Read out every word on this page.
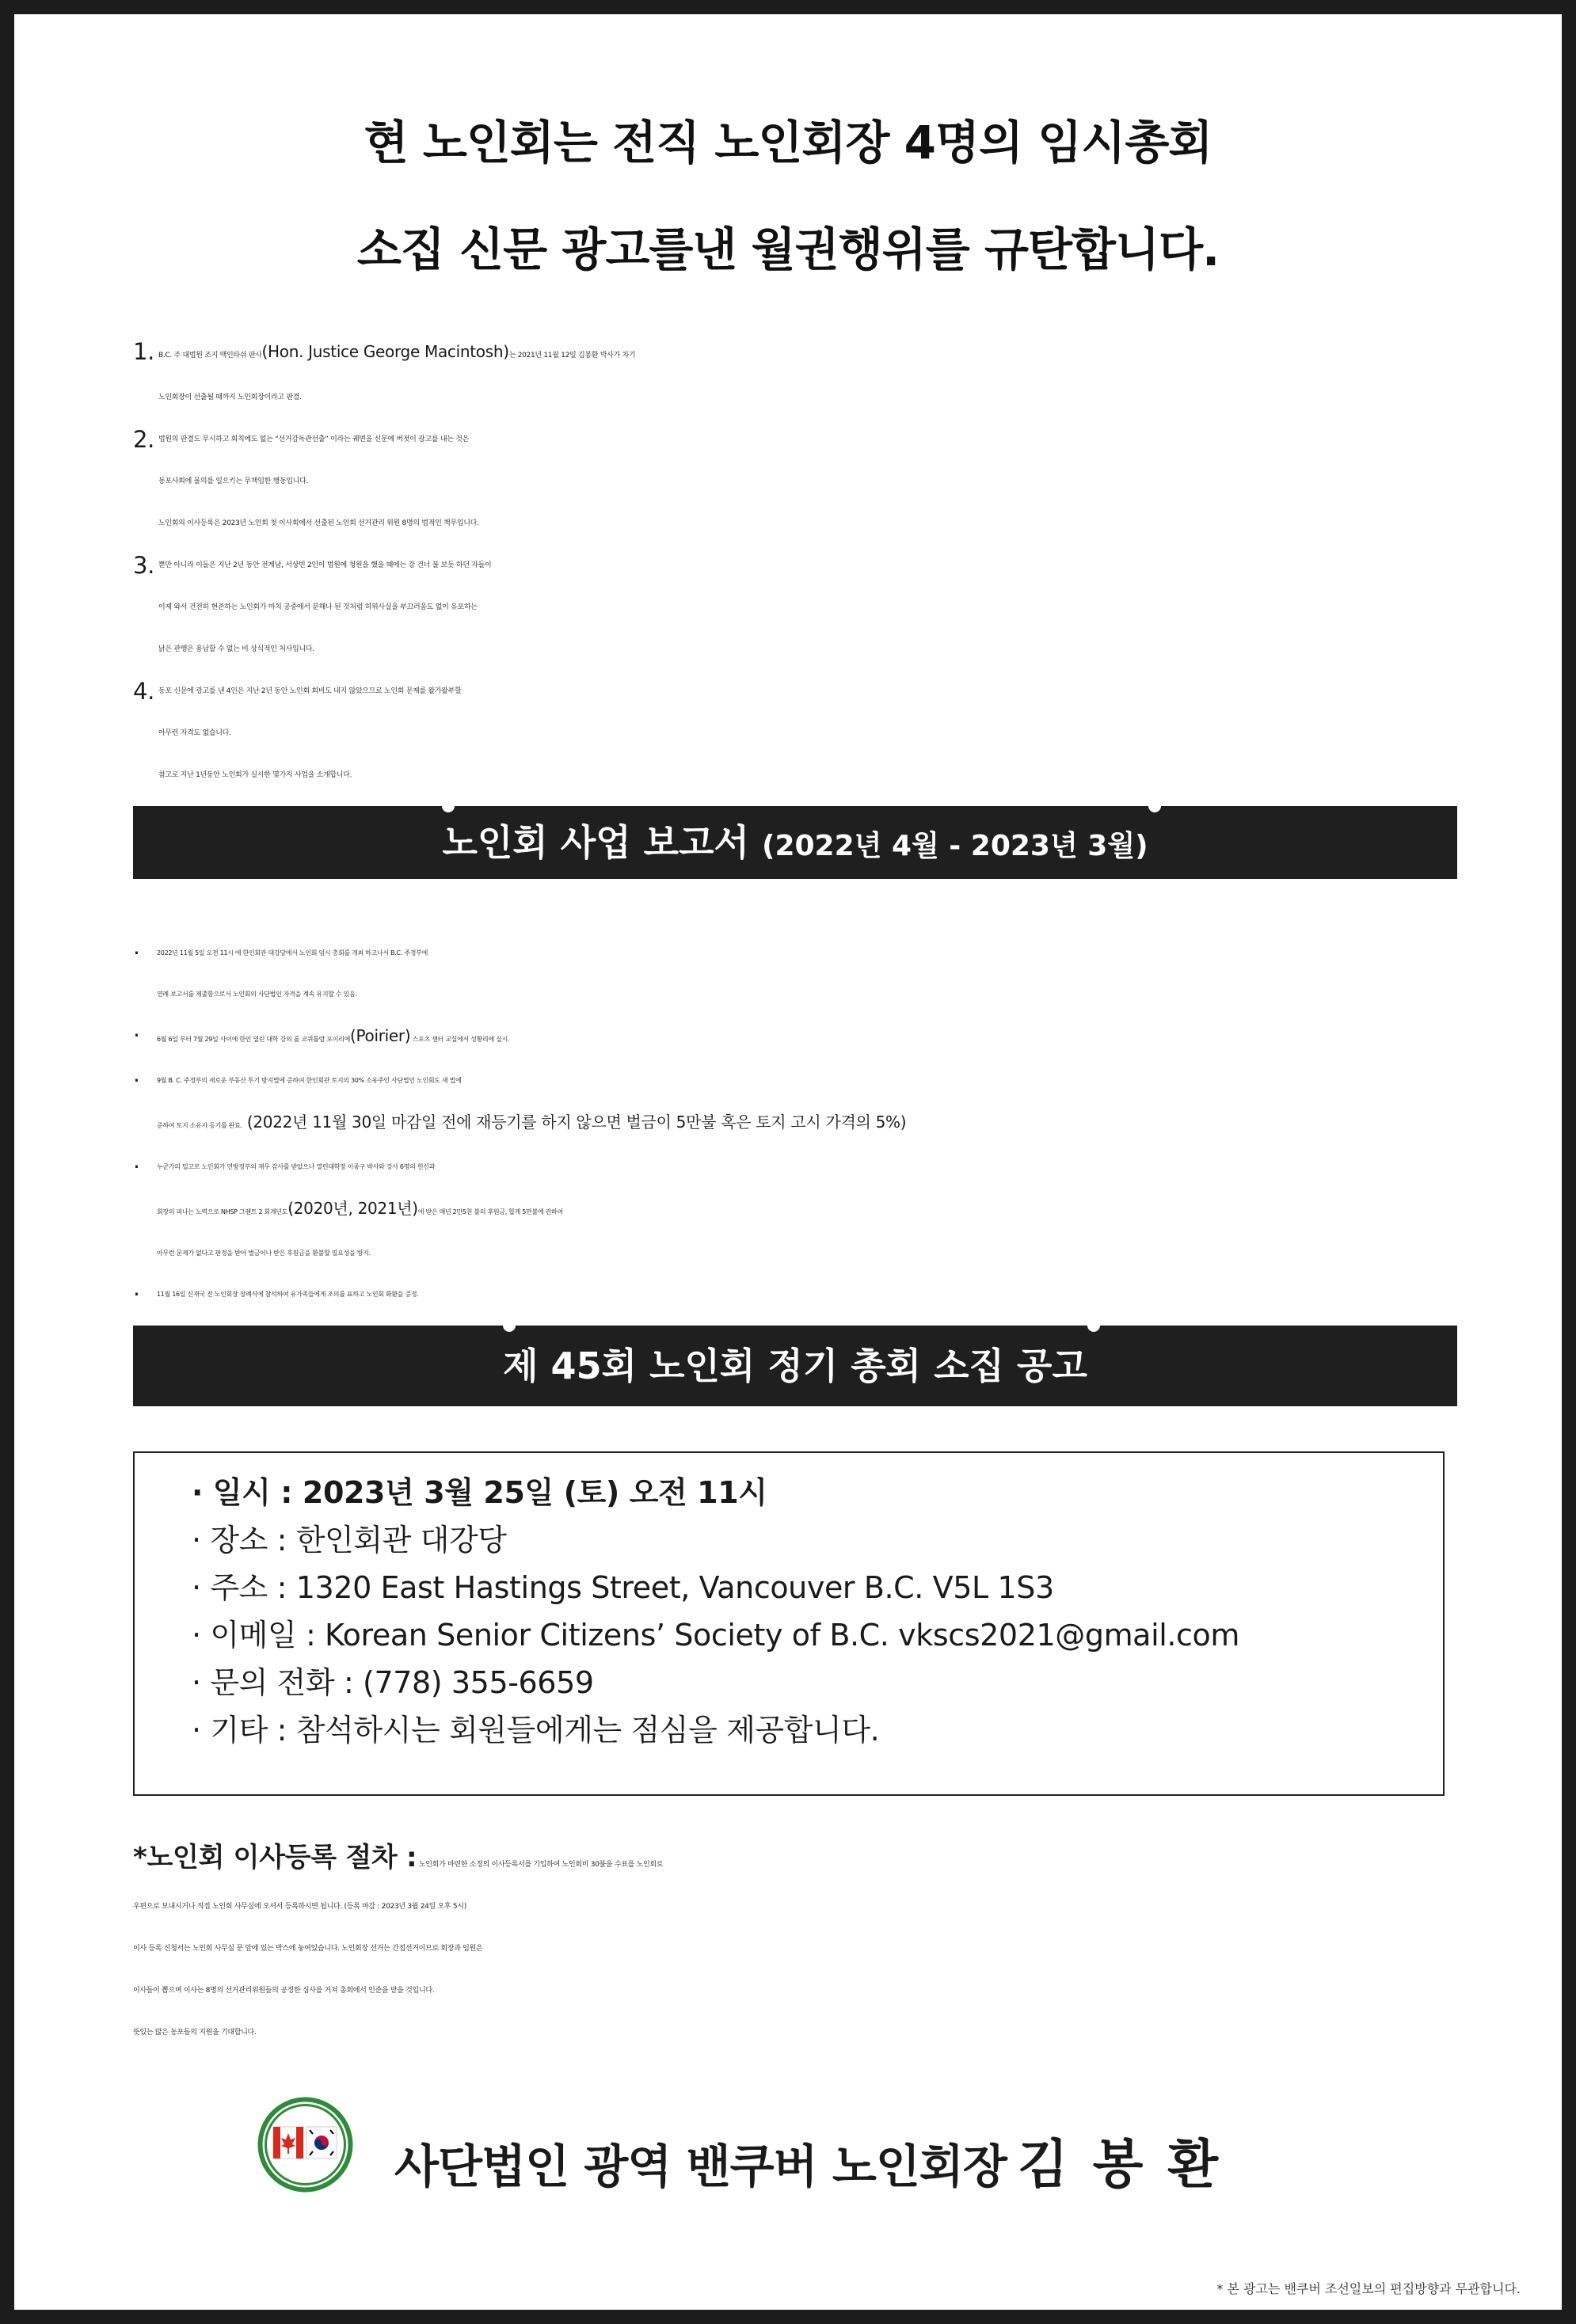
현 노인회는 전직 노인회장 4명의 임시총회
소집 신문 광고를낸 월권행위를 규탄합니다.
1. B.C. 주 대법원 조지 맥인타쉬 판사(Hon. Justice George Macintosh)는 2021년 11월 12일 김봉환 박사가 차기
노인회장이 선출될 때까지 노인회장이라고 판결.
2. 법원의 판결도 무시하고 회칙에도 없는 “선거감독관선출” 이라는 궤변을 신문에 버젓이 광고를 내는 것은
동포사회에 물의를 일으키는 무책임한 행동입니다.
노인회의 이사등록은 2023년 노인회 첫 이사회에서 선출된 노인회 선거관리 위원 8명의 법적인 책무입니다.
3. 뿐만 아니라 이들은 지난 2년 동안 전계남, 서상빈 2인이 법원에 청원을 했을 때에는 강 건너 불 보듯 하던 자들이
이제 와서 건전히 현존하는 노인회가 마치 공중에서 분해나 된 것처럼 허위사실을 부끄러움도 없이 유포하는
낡은 관행은 용납할 수 없는 비 상식적인 처사입니다.
4. 동포 신문에 광고를 낸 4인은 지난 2년 동안 노인회 회비도 내지 않았으므로 노인회 문제를 왈가왈부할
아무런 자격도 없습니다.
참고로 지난 1년동안 노인회가 실시한 몇가지 사업을 소개합니다.
노인회 사업 보고서 (2022년 4월 - 2023년 3월)
·	2022년 11월 5일 오전 11시 에 한인회관 대강당에서 노인회 임시 총회를 개최 하고나서 B.C. 주정부에
연례 보고서를 제출함으로서 노인회의 사단법인 자격을 계속 유지할 수 있음.
·	6월 6일 부터 7월 29일 사이에 한인 열린 대학 강의 를 코퀴틀람 포이리에(Poirier) 스포츠 센터 교실에서 성황리에 실시.
·	9월 B. C. 주정부의 새로운 부동산 투기 방지법에 준하여 한인회관 토지의 30% 소유주인 사단법인 노인회도 새 법에
준하여 토지 소유자 등기를 완료. (2022년 11월 30일 마감일 전에 재등기를 하지 않으면 벌금이 5만불 혹은 토지 고시 가격의 5%)
·	누군가의 밀고로 노인회가 연방정부의 재무 감사를 받았으나 열린대학장 이종구 박사와 강사 6명의 헌신과
회장의 피나는 노력으로 NHSP 그랜트 2 회계년도(2020년, 2021년)에 받은 매년 2만5천 불의 후원금, 합계 5만불에 관하여
아무런 문제가 없다고 판정을 받아 벌금이나 받은 후원금을 환불할 필요성을 방지.
·	11월 16일 신재국 전 노인회장 장례식에 참석하여 유가족들에게 조의를 표하고 노인회 화환을 증정.
제 45회 노인회 정기 총회 소집 공고
· 일시 : 2023년 3월 25일 (토) 오전 11시
· 장소 : 한인회관 대강당
· 주소 : 1320 East Hastings Street, Vancouver B.C. V5L 1S3
· 이메일 : Korean Senior Citizens’ Society of B.C. vkscs2021@gmail.com
· 문의 전화 : (778) 355-6659
· 기타 : 참석하시는 회원들에게는 점심을 제공합니다.
*노인회 이사등록 절차 : 노인회가 마련한 소정의 이사등록서를 기입하여 노인회비 30불을 수표를 노인회로
우편으로 보내시거나 직접 노인회 사무실에 오셔서 등록하시면 됩니다. (등록 마감 : 2023년 3월 24일 오후 5시)
이사 등록 신청서는 노인회 사무실 문 앞에 있는 박스에 놓여있습니다. 노인회장 선거는 간접선거이므로 회장과 임원은
이사들이 뽑으며 이사는 8명의 선거관리위원들의 공정한 심사를 거쳐 총회에서 인준을 받을 것입니다.
뜻있는 많은 동포들의 지원을 기대합니다.
사단법인 광역 밴쿠버 노인회장 김 봉 환
* 본 광고는 밴쿠버 조선일보의 편집방향과 무관합니다.
